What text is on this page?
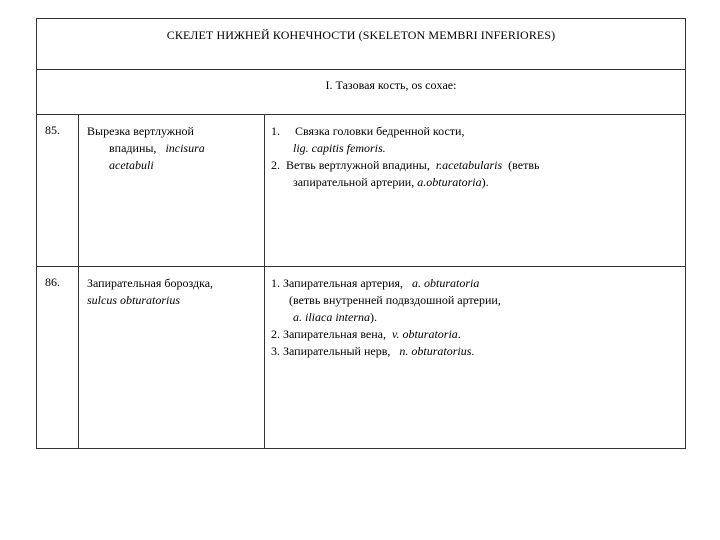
СКЕЛЕТ НИЖНЕЙ КОНЕЧНОСТИ (SKELETON MEMBRI INFERIORES)		
I. Тазовая кость, os coxae:		
85.	Вырезка вертлужной
впадины, incisura
acetabuli	1. Связка головки бедренной кости,
lig. capitis femoris.
2. Ветвь вертлужной впадины, r.acetabularis (ветвь
запирательной артерии, a.obturatoria).

86.	Запирательная бороздка,
sulcus obturatorius	1. Запирательная артерия, a. obturatoria
(ветвь внутренней подвздошной артерии,
a. iliaca interna).
2. Запирательная вена, v. obturatoria.
3. Запирательный нерв, n. obturatorius.
